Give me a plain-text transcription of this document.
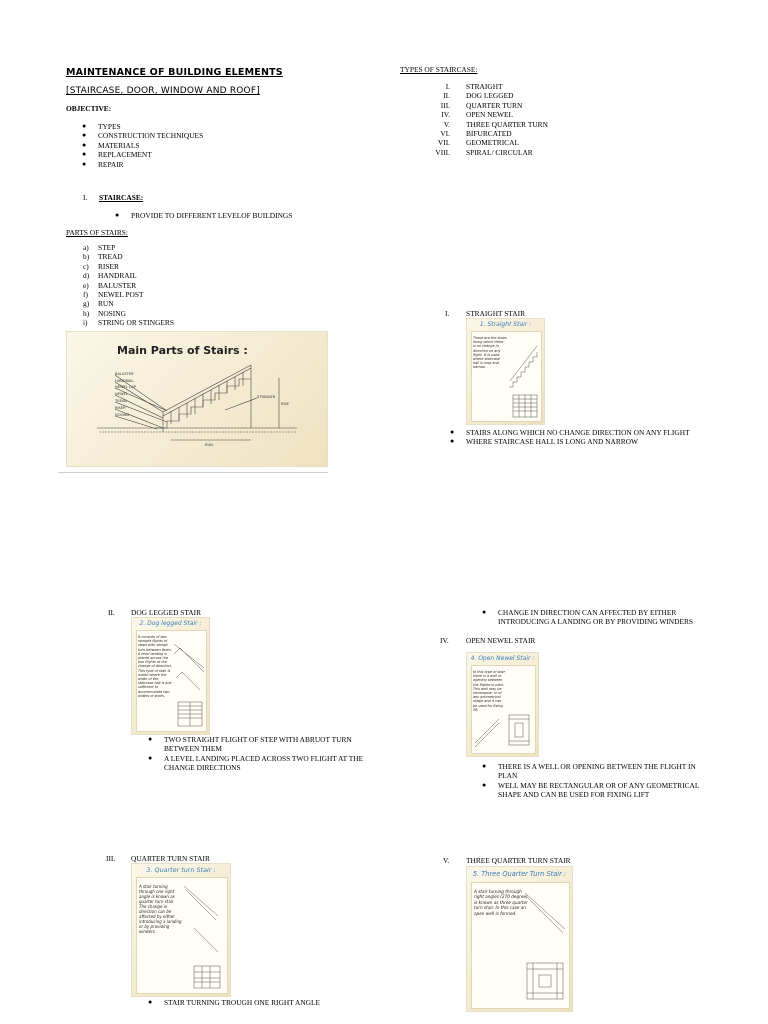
MAINTENANCE OF BUILDING ELEMENTS
[STAIRCASE, DOOR, WINDOW AND ROOF]
OBJECTIVE:
● TYPES
● CONSTRUCTION TECHNIQUES
● MATERIALS
● REPLACEMENT
● REPAIR
I. STAIRCASE:
● PROVIDE TO DIFFERENT LEVELOF BUILDINGS
PARTS OF STAIRS:
a)	STEP
b)	TREAD
c)	RISER
d)	HANDRAIL
e)	BALUSTER
f)	NEWEL POST
g)	RUN
h)	NOSING
i)	STRING OR STINGERS
Main Parts of Stairs :
BALUSTER
HANDRAIL
NEWEL CAP
NEWEL
TREAD
RISER
NOSING
STRINGER
RUN
RISE
TYPES OF STAIRCASE:
I. STRAIGHT
II. DOG LEGGED
III. QUARTER TURN
IV. OPEN NEWEL
V. THREE QUARTER TURN
VI. BIFURCATED
VII. GEOMETRICAL
VIII. SPIRAL/ CIRCULAR
I. STRAIGHT STAIR
1. Straight Stair :
These are the stairs along which there is no change in direction on any flight. It is used where staircase hall is long and narrow.
● STAIRS ALONG WHICH NO CHANGE DIRECTION ON ANY FLIGHT
● WHERE STAIRCASE HALL IS LONG AND NARROW
II. DOG LEGGED STAIR
2. Dog legged Stair :
It consists of two straight flights of steps with abrupt turn between them. A level landing is placed across the two flights at the change of direction. This type of stair is useful where the width of the staircase hall is just sufficient to accommodate two widths of stairs.
● TWO STRAIGHT FLIGHT OF STEP WITH ABRUOT TURN BETWEEN THEM
● A LEVEL LANDING PLACED ACROSS TWO FLIGHT AT THE CHANGE DIRECTIONS
● CHANGE IN DIRECTION CAN AFFECTED BY EITHER INTRODUCING A LANDING OR BY PROVIDING WINDERS
IV. OPEN NEWEL STAIR
4. Open Newel Stair :
In this type of stair there is a well or opening between the flights in plan. This well may be rectangular or of any geometrical shape and it can be used for fixing lift.
● THERE IS A WELL OR OPENING BETWEEN THE FLIGHT IN PLAN
● WELL MAY BE RECTANGULAR OR OF ANY GEOMETRICAL SHAPE AND CAN BE USED FOR FIXING LIFT
III. QUARTER TURN STAIR
3. Quarter turn Stair :
A stair turning through one right angle is known as quarter turn stair. The change in direction can be affected by either introducing a landing or by providing winders.
● STAIR TURNING TROUGH ONE RIGHT ANGLE
V. THREE QUARTER TURN STAIR
5. Three Quarter Turn Stair :
A stair turning through right angles (270 degree) is known as three quarter turn stair. In this case an open well is formed.
